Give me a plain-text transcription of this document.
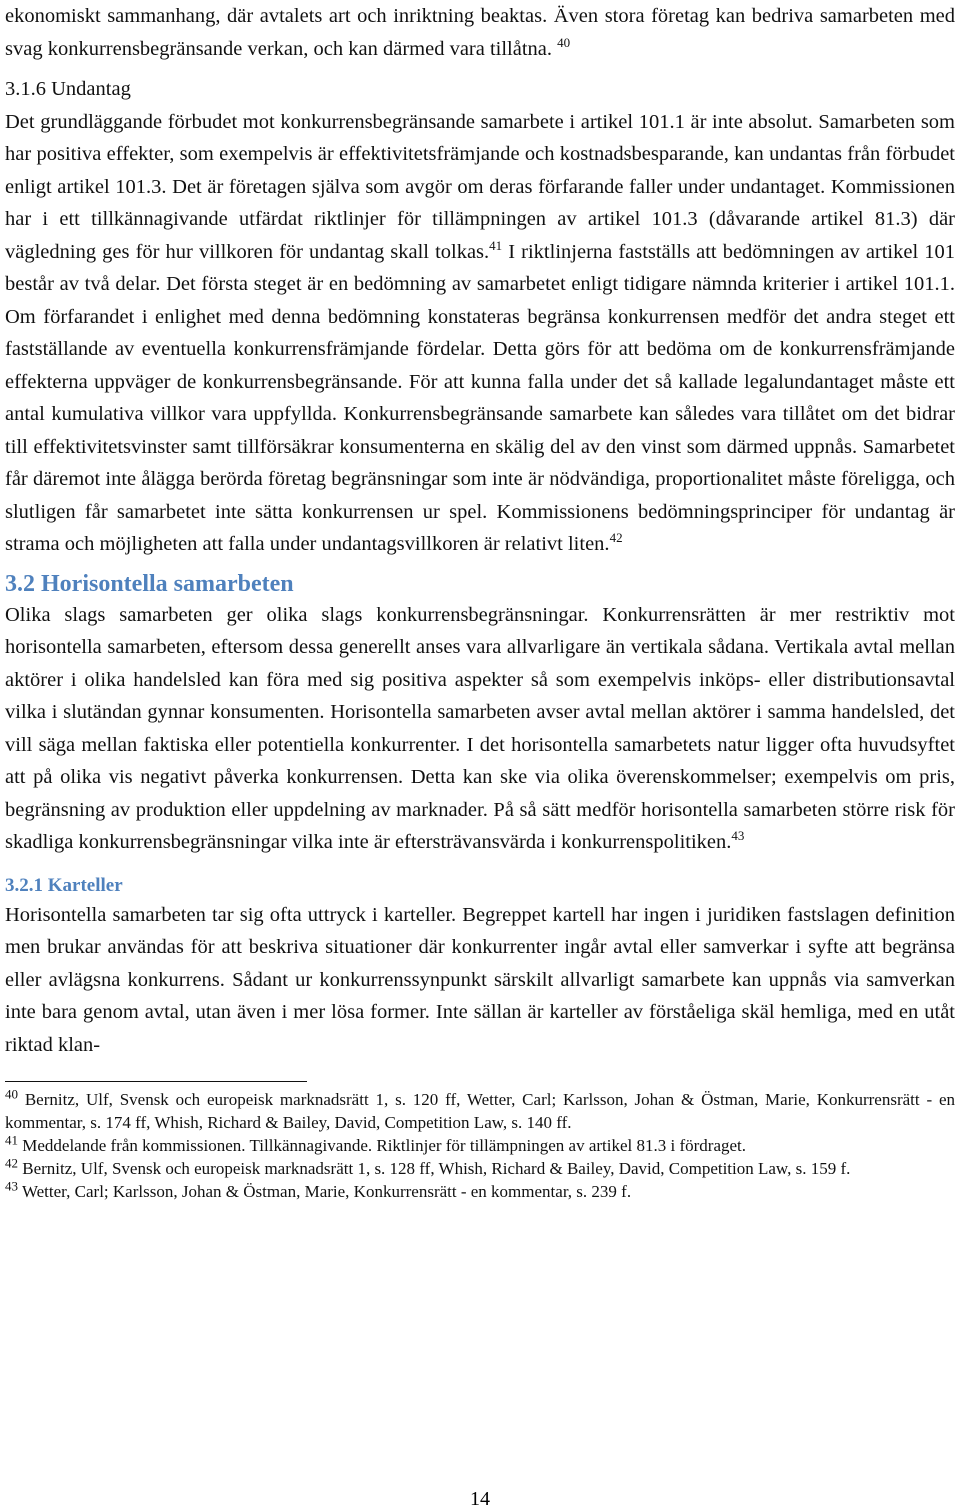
ekonomiskt sammanhang, där avtalets art och inriktning beaktas. Även stora företag kan bedriva samarbeten med svag konkurrensbegränsande verkan, och kan därmed vara tillåtna. $^{40}$

3.1.6 Undantag

Det grundläggande förbudet mot konkurrensbegränsande samarbete i artikel 101.1 är inte absolut. Samarbeten som har positiva effekter, som exempelvis är effektivitetsfrämjande och kostnadsbesparande, kan undantas från förbudet enligt artikel 101.3. Det är företagen själva som avgör om deras förfarande faller under undantaget. Kommissionen har i ett tillkännagivande utfärdat riktlinjer för tillämpningen av artikel 101.3 (dåvarande artikel 81.3) där vägledning ges för hur villkoren för undantag skall tolkas.$^{41}$ I riktlinjerna fastställs att bedömningen av artikel 101 består av två delar. Det första steget är en bedömning av samarbetet enligt tidigare nämnda kriterier i artikel 101.1. Om förfarandet i enlighet med denna bedömning konstateras begränsa konkurrensen medför det andra steget ett fastställande av eventuella konkurrensfrämjande fördelar. Detta görs för att bedöma om de konkurrensfrämjande effekterna uppväger de konkurrensbegränsande. För att kunna falla under det så kallade legalundantaget måste ett antal kumulativa villkor vara uppfyllda. Konkurrensbegränsande samarbete kan således vara tillåtet om det bidrar till effektivitetsvinster samt tillförsäkrar konsumenterna en skälig del av den vinst som därmed uppnås. Samarbetet får däremot inte ålägga berörda företag begränsningar som inte är nödvändiga, proportionalitet måste föreligga, och slutligen får samarbetet inte sätta konkurrensen ur spel. Kommissionens bedömningsprinciper för undantag är strama och möjligheten att falla under undantagsvillkoren är relativt liten.$^{42}$

3.2 Horisontella samarbeten

Olika slags samarbeten ger olika slags konkurrensbegränsningar. Konkurrensrätten är mer restriktiv mot horisontella samarbeten, eftersom dessa generellt anses vara allvarligare än vertikala sådana. Vertikala avtal mellan aktörer i olika handelsled kan föra med sig positiva aspekter så som exempelvis inköps- eller distributionsavtal vilka i slutändan gynnar konsumenten. Horisontella samarbeten avser avtal mellan aktörer i samma handelsled, det vill säga mellan faktiska eller potentiella konkurrenter. I det horisontella samarbetets natur ligger ofta huvudsyftet att på olika vis negativt påverka konkurrensen. Detta kan ske via olika överenskommelser; exempelvis om pris, begränsning av produktion eller uppdelning av marknader. På så sätt medför horisontella samarbeten större risk för skadliga konkurrensbegränsningar vilka inte är eftersträvansvärda i konkurrenspolitiken.$^{43}$

3.2.1 Karteller

Horisontella samarbeten tar sig ofta uttryck i karteller. Begreppet kartell har ingen i juridiken fastslagen definition men brukar användas för att beskriva situationer där konkurrenter ingår avtal eller samverkar i syfte att begränsa eller avlägsna konkurrens. Sådant ur konkurrenssynpunkt särskilt allvarligt samarbete kan uppnås via samverkan inte bara genom avtal, utan även i mer lösa former. Inte sällan är karteller av förståeliga skäl hemliga, med en utåt riktad klan-

$^{40}$ Bernitz, Ulf, Svensk och europeisk marknadsrätt 1, s. 120 ff, Wetter, Carl; Karlsson, Johan & Östman, Marie, Konkurrensrätt - en kommentar, s. 174 ff, Whish, Richard & Bailey, David, Competition Law, s. 140 ff.

$^{41}$ Meddelande från kommissionen. Tillkännagivande. Riktlinjer för tillämpningen av artikel 81.3 i fördraget.

$^{42}$ Bernitz, Ulf, Svensk och europeisk marknadsrätt 1, s. 128 ff, Whish, Richard & Bailey, David, Competition Law, s. 159 f.

$^{43}$ Wetter, Carl; Karlsson, Johan & Östman, Marie, Konkurrensrätt - en kommentar, s. 239 f.

14
